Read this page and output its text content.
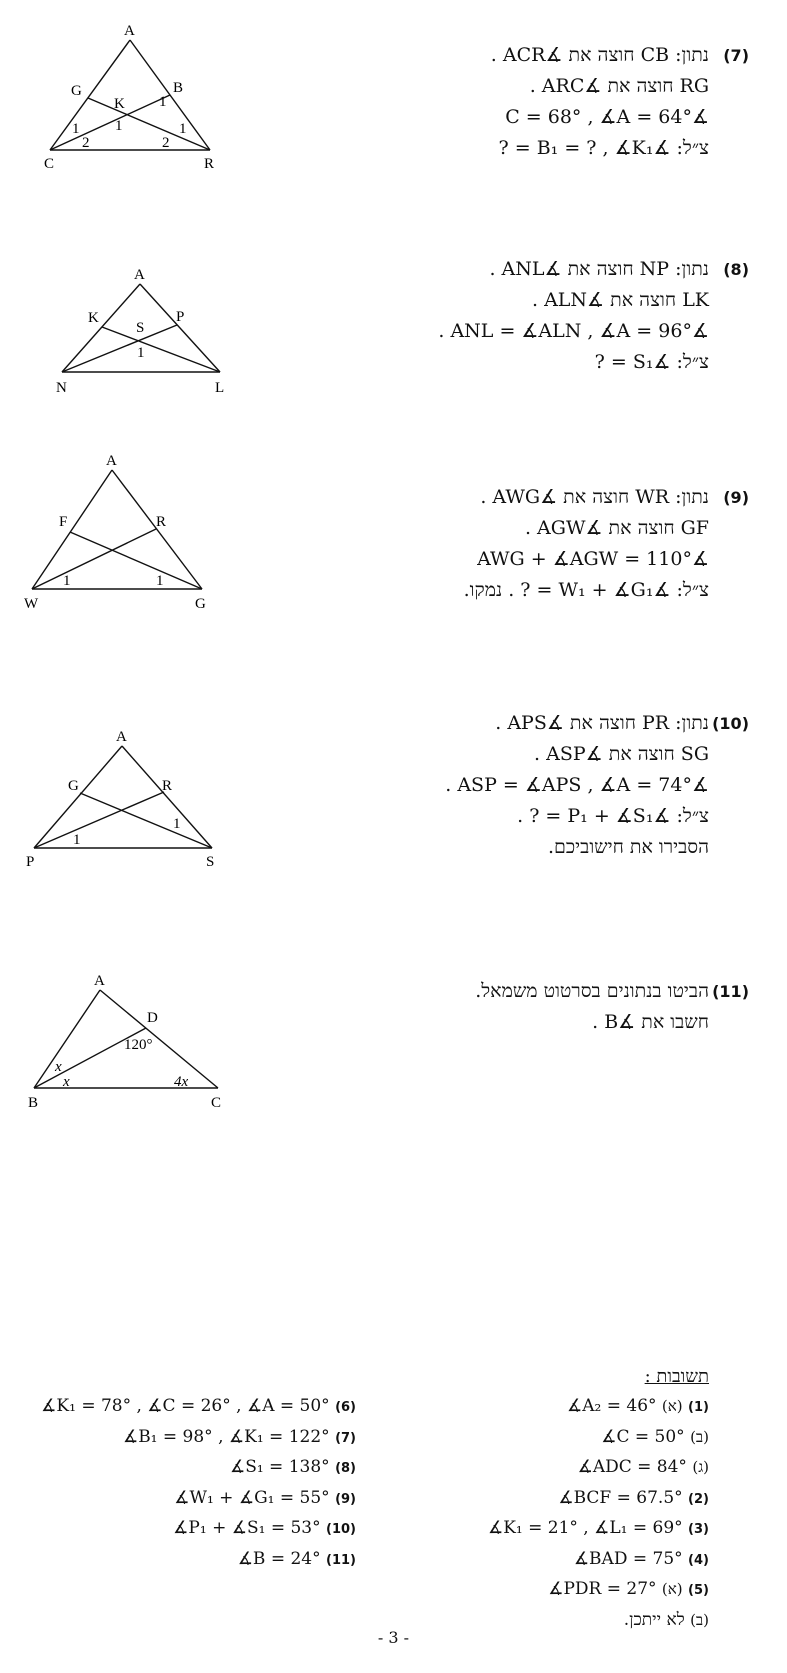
(7)
נתון: CB חוצה את ∡ACR .
RG חוצה את ∡ARC .
∡C = 68° , ∡A = 64°
צ״ל: ∡B₁ = ? , ∡K₁ = ?
A
B
C
G
K
R
1
2
1
1
1
2
(8)
נתון: NP חוצה את ∡ANL .
LK חוצה את ∡ALN .
∡ANL = ∡ALN , ∡A = 96° .
צ״ל: ∡S₁ = ?
A
K	P
S
1
N	L
(9)
נתון: WR חוצה את ∡AWG .
GF חוצה את ∡AGW .
∡AWG + ∡AGW = 110°
צ״ל: ∡W₁ + ∡G₁ = ? . נמקו.
A
F	R
1	1
W	G
(10)
נתון: PR חוצה את ∡APS .
SG חוצה את ∡ASP .
∡ASP = ∡APS , ∡A = 74° .
צ״ל: ∡P₁ + ∡S₁ = ? .
הסבירו את חישוביכם.
A
G	R
1
1
P	S
(11)
הביטו בנתונים בסרטוט משמאל.
חשבו את ∡B .
A
D
120°
x
x	4x
B	C
תשובות :
(1) (א) ∡A₂ = 46°
(ב) ∡C = 50°
(ג) ∡ADC = 84°
(2) ∡BCF = 67.5°
(3) ∡K₁ = 21° , ∡L₁ = 69°
(4) ∡BAD = 75°
(5) (א) ∡PDR = 27°
(ב) לא ייתכן.
∡K₁ = 78° , ∡C = 26° , ∡A = 50° (6)
∡B₁ = 98° , ∡K₁ = 122° (7)
∡S₁ = 138° (8)
∡W₁ + ∡G₁ = 55° (9)
∡P₁ + ∡S₁ = 53° (10)
∡B = 24° (11)
- 3 -
